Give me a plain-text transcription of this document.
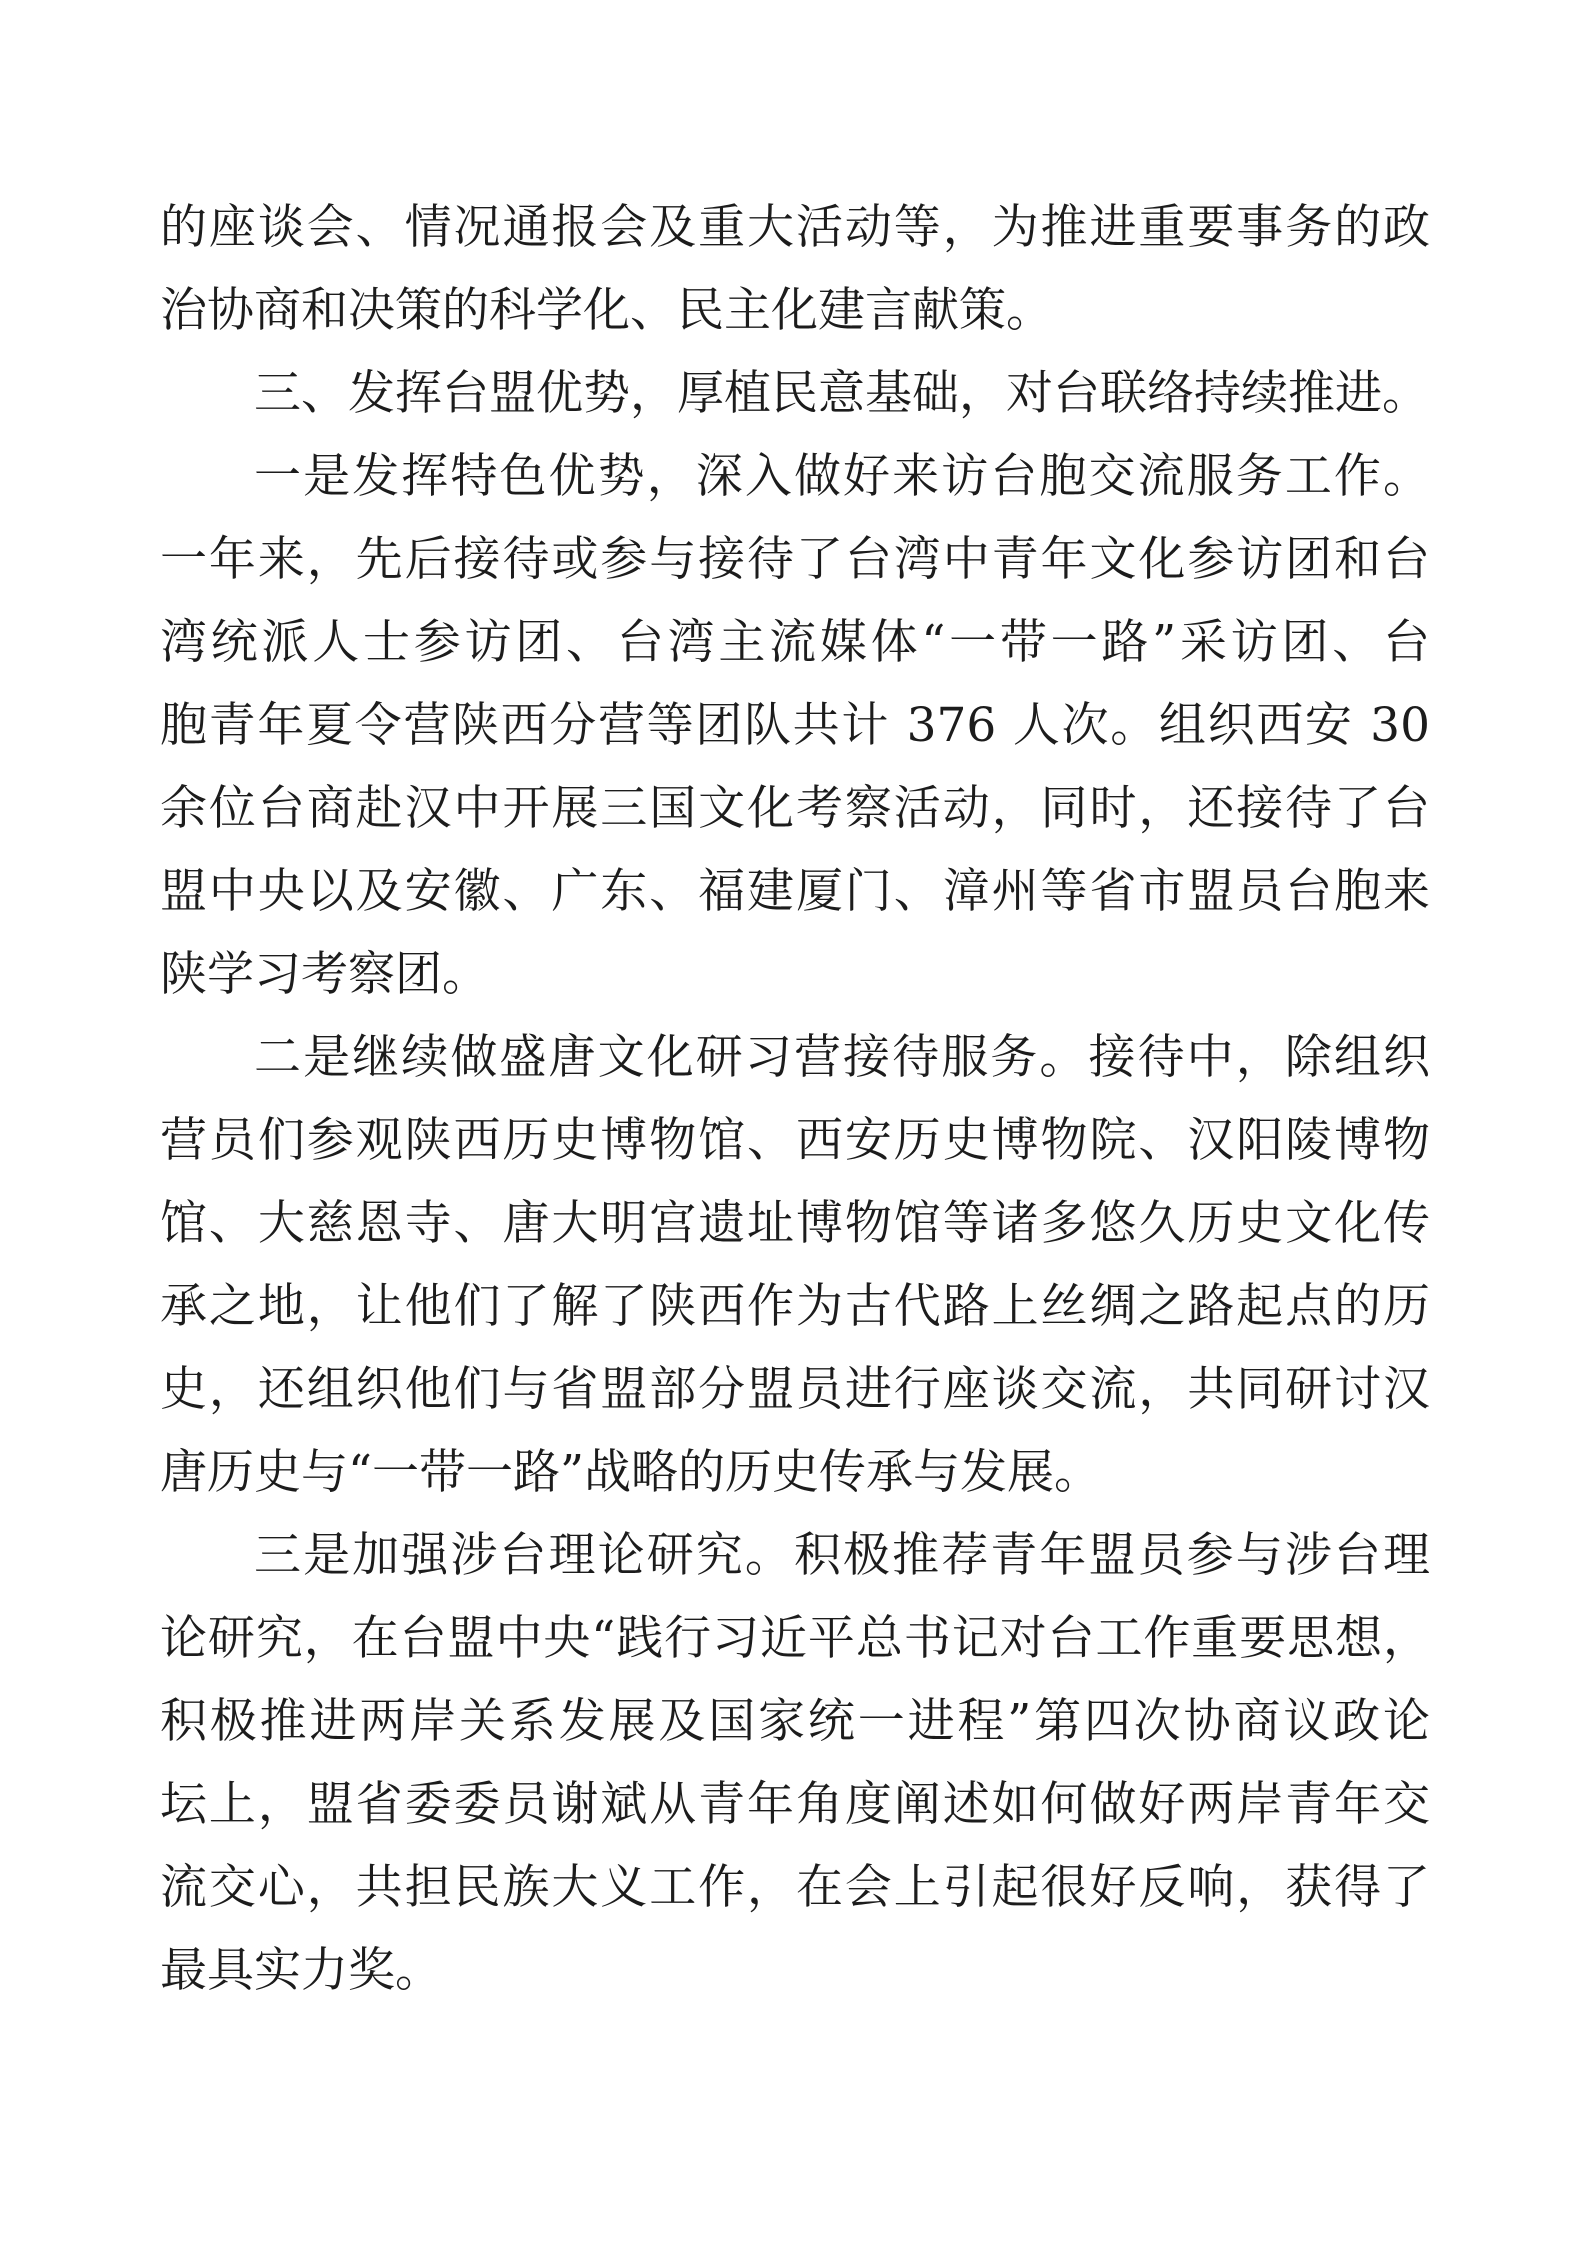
的座谈会、情况通报会及重大活动等，为推进重要事务的政
治协商和决策的科学化、民主化建言献策。
三、发挥台盟优势，厚植民意基础，对台联络持续推进。
一是发挥特色优势，深入做好来访台胞交流服务工作。
一年来，先后接待或参与接待了台湾中青年文化参访团和台
湾统派人士参访团、台湾主流媒体“一带一路”采访团、台
胞青年夏令营陕西分营等团队共计 376 人次。组织西安 30
余位台商赴汉中开展三国文化考察活动，同时，还接待了台
盟中央以及安徽、广东、福建厦门、漳州等省市盟员台胞来
陕学习考察团。
二是继续做盛唐文化研习营接待服务。接待中，除组织
营员们参观陕西历史博物馆、西安历史博物院、汉阳陵博物
馆、大慈恩寺、唐大明宫遗址博物馆等诸多悠久历史文化传
承之地，让他们了解了陕西作为古代路上丝绸之路起点的历
史，还组织他们与省盟部分盟员进行座谈交流，共同研讨汉
唐历史与“一带一路”战略的历史传承与发展。
三是加强涉台理论研究。积极推荐青年盟员参与涉台理
论研究，在台盟中央“践行习近平总书记对台工作重要思想，
积极推进两岸关系发展及国家统一进程”第四次协商议政论
坛上，盟省委委员谢斌从青年角度阐述如何做好两岸青年交
流交心，共担民族大义工作，在会上引起很好反响，获得了
最具实力奖。
